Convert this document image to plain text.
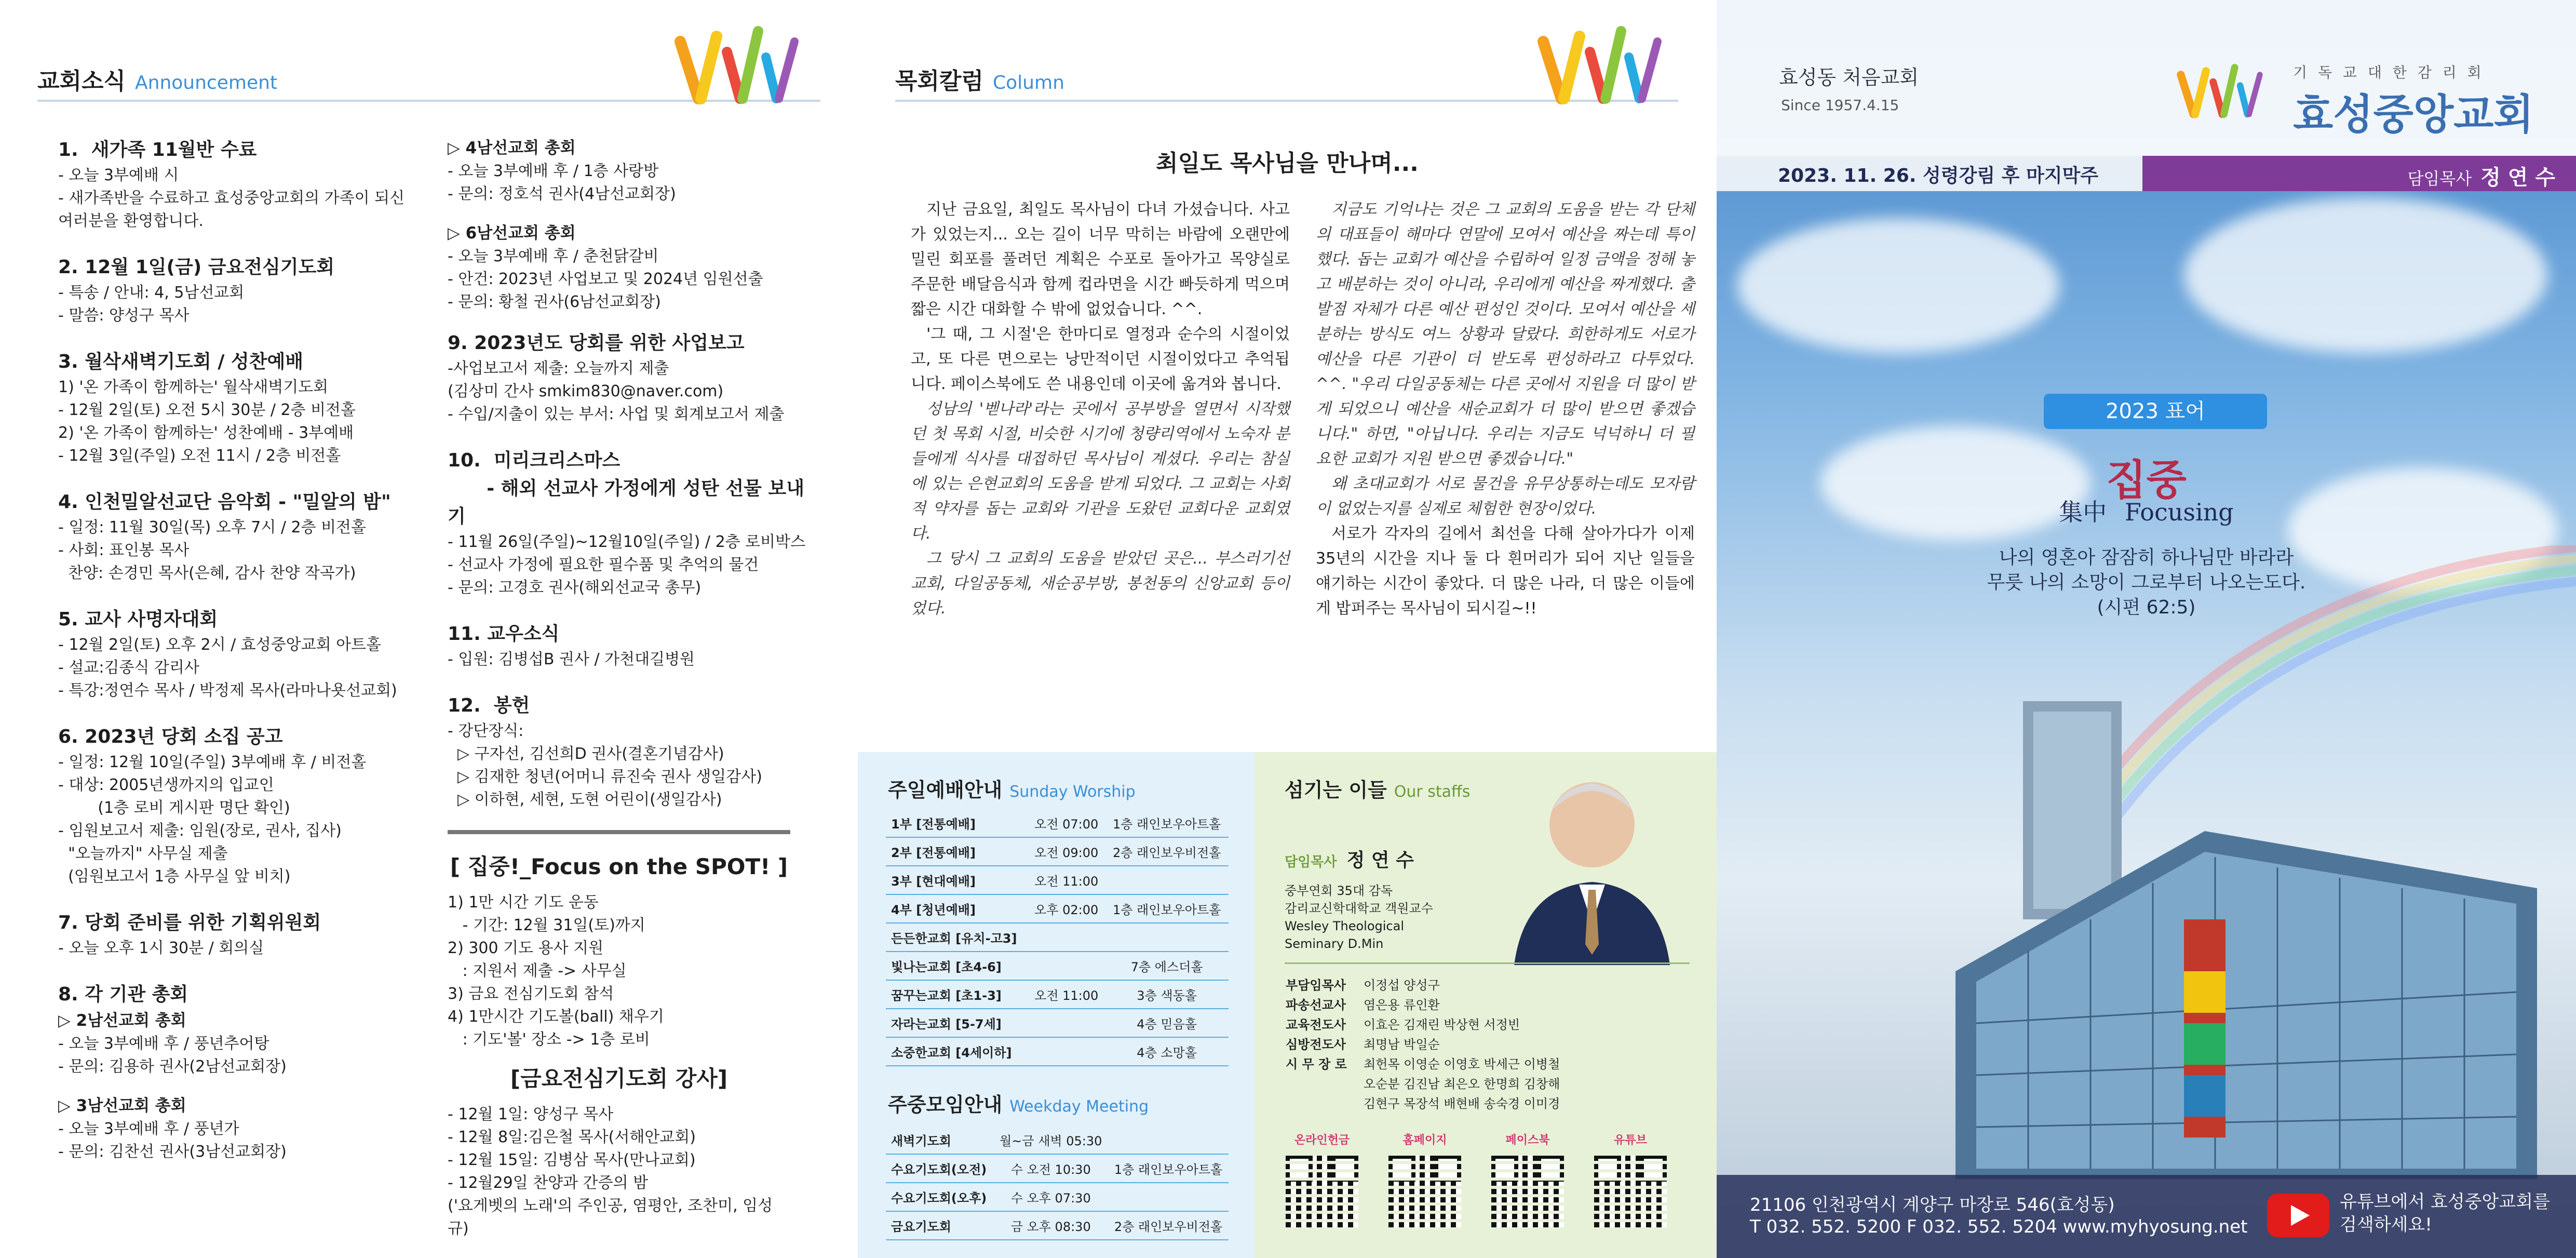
교회소식 Announcement
1.  새가족 11월반 수료
- 오늘 3부예배 시
- 새가족반을 수료하고 효성중앙교회의 가족이 되신
여러분을 환영합니다.
2. 12월 1일(금) 금요전심기도회
- 특송 / 안내: 4, 5남선교회
- 말씀: 양성구 목사
3. 월삭새벽기도회 / 성찬예배
1) '온 가족이 함께하는' 월삭새벽기도회
- 12월 2일(토) 오전 5시 30분 / 2층 비전홀
2) '온 가족이 함께하는' 성찬예배 - 3부예배
- 12월 3일(주일) 오전 11시 / 2층 비전홀
4. 인천밀알선교단 음악회 - "밀알의 밤"
- 일정: 11월 30일(목) 오후 7시 / 2층 비전홀
- 사회: 표인봉 목사
찬양: 손경민 목사(은혜, 감사 찬양 작곡가)
5. 교사 사명자대회
- 12월 2일(토) 오후 2시 / 효성중앙교회 아트홀
- 설교:김종식 감리사
- 특강:정연수 목사 / 박정제 목사(라마나욧선교회)
6. 2023년 당회 소집 공고
- 일정: 12월 10일(주일) 3부예배 후 / 비전홀
- 대상: 2005년생까지의 입교인
(1층 로비 게시판 명단 확인)
- 임원보고서 제출: 임원(장로, 권사, 집사)
"오늘까지" 사무실 제출
(임원보고서 1층 사무실 앞 비치)
7. 당회 준비를 위한 기획위원회
- 오늘 오후 1시 30분 / 회의실
8. 각 기관 총회
▷ 2남선교회 총회
- 오늘 3부예배 후 / 풍년추어탕
- 문의: 김용하 권사(2남선교회장)
▷ 3남선교회 총회
- 오늘 3부예배 후 / 풍년가
- 문의: 김찬선 권사(3남선교회장)
▷ 4남선교회 총회
- 오늘 3부예배 후 / 1층 사랑방
- 문의: 정호석 권사(4남선교회장)
▷ 6남선교회 총회
- 오늘 3부예배 후 / 춘천닭갈비
- 안건: 2023년 사업보고 및 2024년 임원선출
- 문의: 황철 권사(6남선교회장)
9. 2023년도 당회를 위한 사업보고
-사업보고서 제출: 오늘까지 제출
(김상미 간사 smkim830@naver.com)
- 수입/지출이 있는 부서: 사업 및 회계보고서 제출
10.  미리크리스마스
- 해외 선교사 가정에게 성탄 선물 보내기
- 11월 26일(주일)~12월10일(주일) / 2층 로비박스
- 선교사 가정에 필요한 필수품 및 추억의 물건
- 문의: 고경호 권사(해외선교국 총무)
11. 교우소식
- 입원: 김병섭B 권사 / 가천대길병원
12.  봉헌
- 강단장식:
▷ 구자선, 김선희D 권사(결혼기념감사)
▷ 김재한 청년(어머니 류진숙 권사 생일감사)
▷ 이하현, 세현, 도현 어린이(생일감사)
[ 집중!_Focus on the SPOT! ]
1) 1만 시간 기도 운동
- 기간: 12월 31일(토)까지
2) 300 기도 용사 지원
: 지원서 제출 -> 사무실
3) 금요 전심기도회 참석
4) 1만시간 기도볼(ball) 채우기
: 기도'볼' 장소 -> 1층 로비
[금요전심기도회 강사]
- 12월 1일: 양성구 목사
- 12월 8일:김은철 목사(서해안교회)
- 12월 15일: 김병삼 목사(만나교회)
- 12월29일 찬양과 간증의 밤
('요게벳의 노래'의 주인공, 염평안, 조찬미, 임성규)
목회칼럼 Column
최일도 목사님을 만나며...

지난 금요일, 최일도 목사님이 다녀 가셨습니다. 사고가 있었는지... 오는 길이 너무 막히는 바람에 오랜만에 밀린 회포를 풀려던 계획은 수포로 돌아가고 목양실로 주문한 배달음식과 함께 컵라면을 시간 빠듯하게 먹으며 짧은 시간 대화할 수 밖에 없었습니다. ^^.

'그 때, 그 시절'은 한마디로 열정과 순수의 시절이었고, 또 다른 면으로는 낭만적이던 시절이었다고 추억됩니다. 페이스북에도 쓴 내용인데 이곳에 옮겨와 봅니다.

성남의 '벧나라'라는 곳에서 공부방을 열면서 시작했던 첫 목회 시절, 비슷한 시기에 청량리역에서 노숙자 분들에게 식사를 대접하던 목사님이 계셨다. 우리는 참실에 있는 은현교회의 도움을 받게 되었다. 그 교회는 사회적 약자를 돕는 교회와 기관을 도왔던 교회다운 교회였다.

그 당시 그 교회의 도움을 받았던 곳은... 부스러기선교회, 다일공동체, 새순공부방, 봉천동의 신앙교회 등이었다.

지금도 기억나는 것은 그 교회의 도움을 받는 각 단체의 대표들이 해마다 연말에 모여서 예산을 짜는데 특이했다. 돕는 교회가 예산을 수립하여 일정 금액을 정해 놓고 배분하는 것이 아니라, 우리에게 예산을 짜게했다. 출발점 자체가 다른 예산 편성인 것이다. 모여서 예산을 세분하는 방식도 여느 상황과 달랐다. 희한하게도 서로가 예산을 다른 기관이 더 받도록 편성하라고 다투었다. ^^. "우리 다일공동체는 다른 곳에서 지원을 더 많이 받게 되었으니 예산을 새순교회가 더 많이 받으면 좋겠습니다." 하면, "아닙니다. 우리는 지금도 넉넉하니 더 필요한 교회가 지원 받으면 좋겠습니다."

왜 초대교회가 서로 물건을 유무상통하는데도 모자람이 없었는지를 실제로 체험한 현장이었다.

서로가 각자의 길에서 최선을 다해 살아가다가 이제 35년의 시간을 지나 둘 다 흰머리가 되어 지난 일들을 얘기하는 시간이 좋았다. 더 많은 나라, 더 많은 이들에게 밥퍼주는 목사님이 되시길~!!

주일예배안내 Sunday Worship
1부 [전통예배]	오전 07:00	1층 래인보우아트홀
2부 [전통예배]	오전 09:00	2층 래인보우비전홀
3부 [현대예배]	오전 11:00	
4부 [청년예배]	오후 02:00	1층 래인보우아트홀
든든한교회 [유치-고3]		
빛나는교회 [초4-6]		7층 에스더홀
꿈꾸는교회 [초1-3]	오전 11:00	3층 색동홀
자라는교회 [5-7세]		4층 믿음홀
소중한교회 [4세이하]		4층 소망홀
주중모임안내 Weekday Meeting
새벽기도회	월~금 새벽 05:30	
수요기도회(오전)	수 오전 10:30	1층 래인보우아트홀
수요기도회(오후)	수 오후 07:30	
금요기도회	금 오후 08:30	2층 래인보우비전홀
섬기는 이들 Our staffs
담임목사 정 연 수
중부연회 35대 감독
감리교신학대학교 객원교수
Wesley Theological
Seminary D.Min
부담임목사	이정섭 양성구
파송선교사	염은용 류인환
교육전도사	이효은 김재린 박상현 서정빈
심방전도사	최명남 박일순
시 무 장 로	최헌목 이영순 이영호 박세근 이병철
오순분 김진남 최은오 한명희 김창해
김현구 목장석 배현배 송숙경 이미경
온라인헌금	홈페이지	페이스북	유튜브
효성동 처음교회
Since 1957.4.15
기 독 교 대 한 감 리 회
효성중앙교회
2023. 11. 26. 성령강림 후 마지막주	담임목사 정 연 수
2023 표어
집중
集中 Focusing
나의 영혼아 잠잠히 하나님만 바라라
무릇 나의 소망이 그로부터 나오는도다.
(시편 62:5)
21106 인천광역시 계양구 마장로 546(효성동)
T 032. 552. 5200 F 032. 552. 5204 www.myhyosung.net
유튜브에서 효성중앙교회를
검색하세요!
